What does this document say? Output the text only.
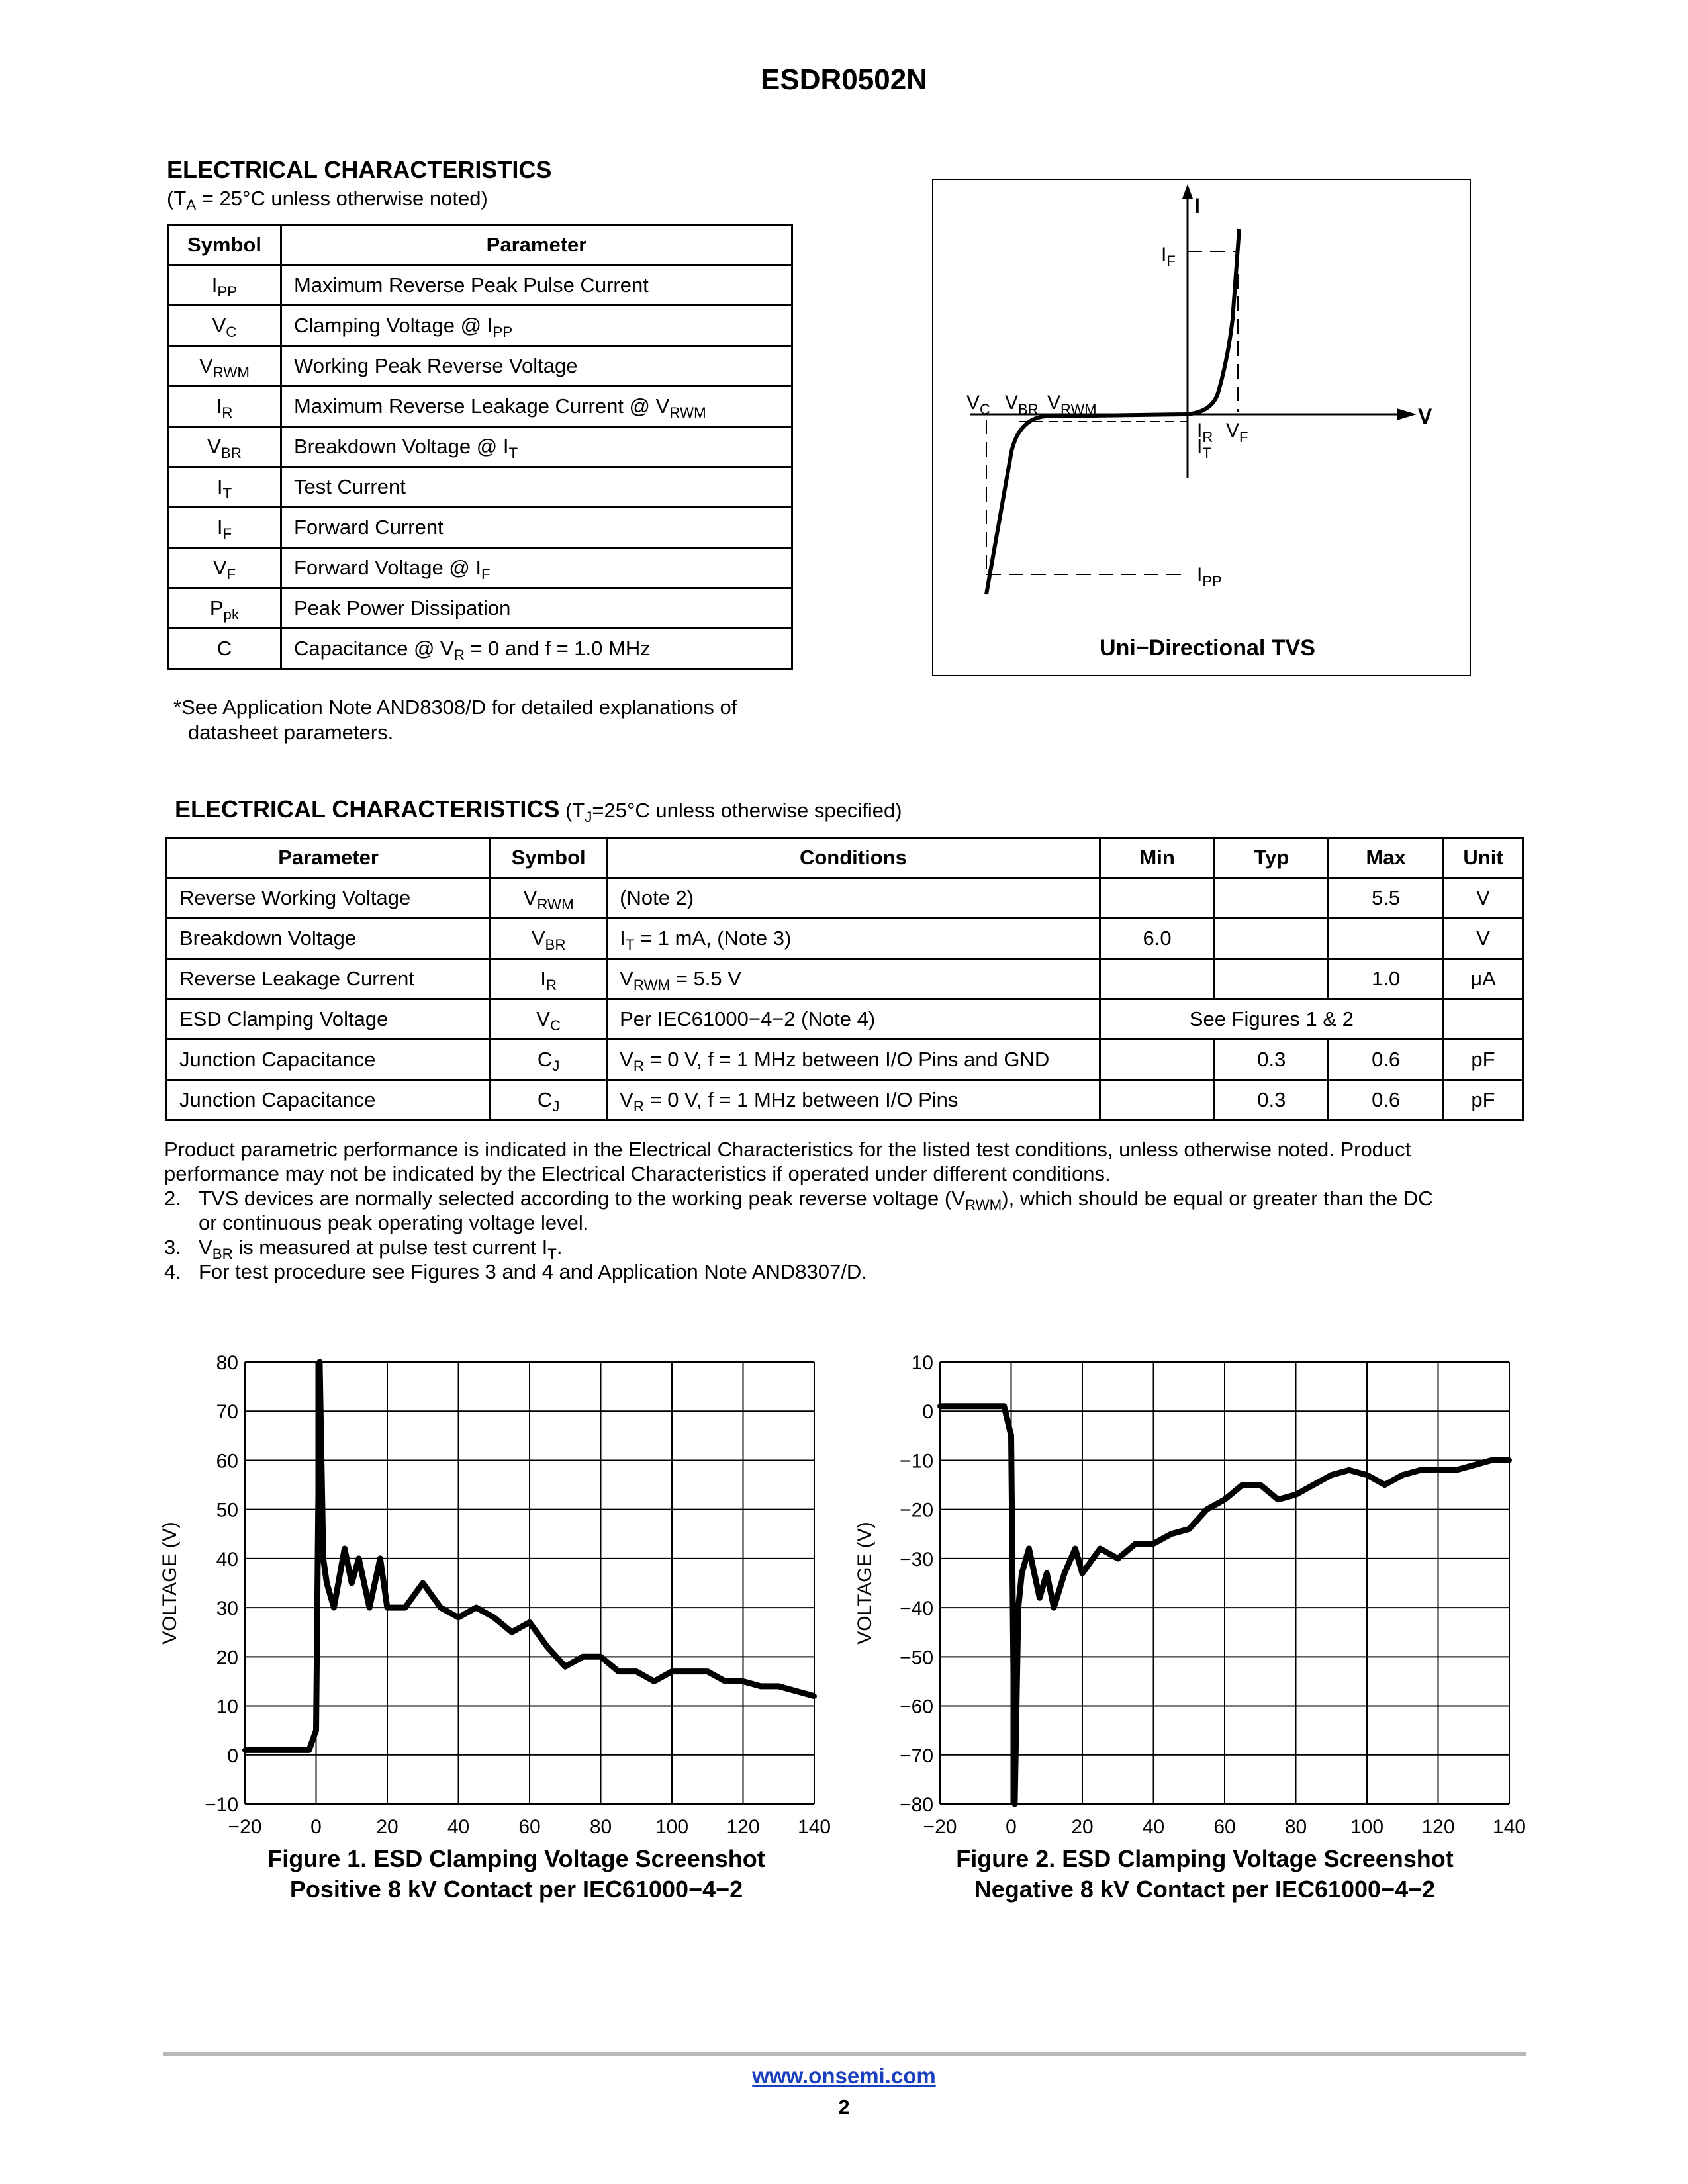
ESDR0502N
ELECTRICAL CHARACTERISTICS
($T_A = 25^\circ C$ unless otherwise noted)
Symbol	Parameter
$I_{PP}$	Maximum Reverse Peak Pulse Current
$V_C$	Clamping Voltage @ $I_{PP}$
$V_{RWM}$	Working Peak Reverse Voltage
$I_R$	Maximum Reverse Leakage Current @ $V_{RWM}$
$V_{BR}$	Breakdown Voltage @ $I_T$
$I_T$	Test Current
$I_F$	Forward Current
$V_F$	Forward Voltage @ $I_F$
$P_{pk}$	Peak Power Dissipation
C	Capacitance @ $V_R = 0$ and f = 1.0 MHz
*See Application Note AND8308/D for detailed explanations of
datasheet parameters.
I
V
$I_F$
$V_C$ $V_{BR}$ $V_{RWM}$
$I_R$
$I_T$
$V_F$
$I_{PP}$
Uni−Directional TVS
ELECTRICAL CHARACTERISTICS ($T_J=25^\circ C$ unless otherwise specified)
Parameter	Symbol	Conditions	Min	Typ	Max	Unit
Reverse Working Voltage	$V_{RWM}$	(Note 2)			5.5	V
Breakdown Voltage	$V_{BR}$	$I_T = 1$ mA, (Note 3)	6.0			V
Reverse Leakage Current	$I_R$	$V_{RWM} = 5.5$ V			1.0	μA
ESD Clamping Voltage	$V_C$	Per IEC61000−4−2 (Note 4)	See Figures 1 & 2			
Junction Capacitance	$C_J$	$V_R = 0$ V, f = 1 MHz between I/O Pins and GND		0.3	0.6	pF
Junction Capacitance	$C_J$	$V_R = 0$ V, f = 1 MHz between I/O Pins		0.3	0.6	pF
Product parametric performance is indicated in the Electrical Characteristics for the listed test conditions, unless otherwise noted. Product
performance may not be indicated by the Electrical Characteristics if operated under different conditions.
2. TVS devices are normally selected according to the working peak reverse voltage $(V_{RWM})$, which should be equal or greater than the DC
or continuous peak operating voltage level.
3. $V_{BR}$ is measured at pulse test current $I_T$.
4. For test procedure see Figures 3 and 4 and Application Note AND8307/D.
80
70
60
50
40
30
20
10
0
−10
−20 0	20 40 60 80 100 120 140
VOLTAGE (V)
10
0
−10
−20
−30
−40
−50
−60
−70
−80
−20 0	20 40 60 80 100 120 140
VOLTAGE (V)
Figure 1. ESD Clamping Voltage Screenshot
Positive 8 kV Contact per IEC61000−4−2
Figure 2. ESD Clamping Voltage Screenshot
Negative 8 kV Contact per IEC61000−4−2
www.onsemi.com
2
